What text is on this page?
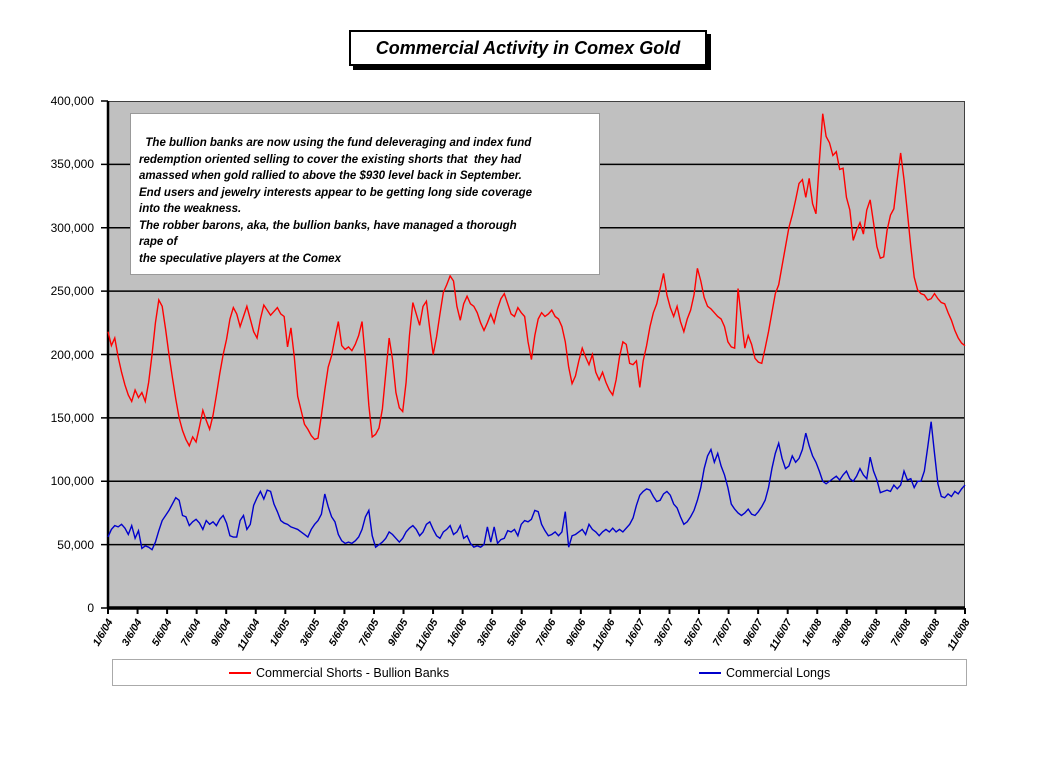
Commercial Activity in Comex Gold
0
50,000
100,000
150,000
200,000
250,000
300,000
350,000
400,000
1/6/04 3/6/04 5/6/04 7/6/04 9/6/04 11/6/04 1/6/05 3/6/05 5/6/05 7/6/05 9/6/05 11/6/05 1/6/06 3/6/06 5/6/06 7/6/06 9/6/06 11/6/06 1/6/07 3/6/07 5/6/07 7/6/07 9/6/07 11/6/07 1/6/08 3/6/08 5/6/08 7/6/08 9/6/08 11/6/08

The bullion banks are now using the fund deleveraging and index fund
redemption oriented selling to cover the existing shorts that  they had
amassed when gold rallied to above the $930 level back in September.
End users and jewelry interests appear to be getting long side coverage
into the weakness.
The robber barons, aka, the bullion banks, have managed a thorough
rape of
the speculative players at the Comex

Commercial Shorts - Bullion Banks	Commercial Longs
